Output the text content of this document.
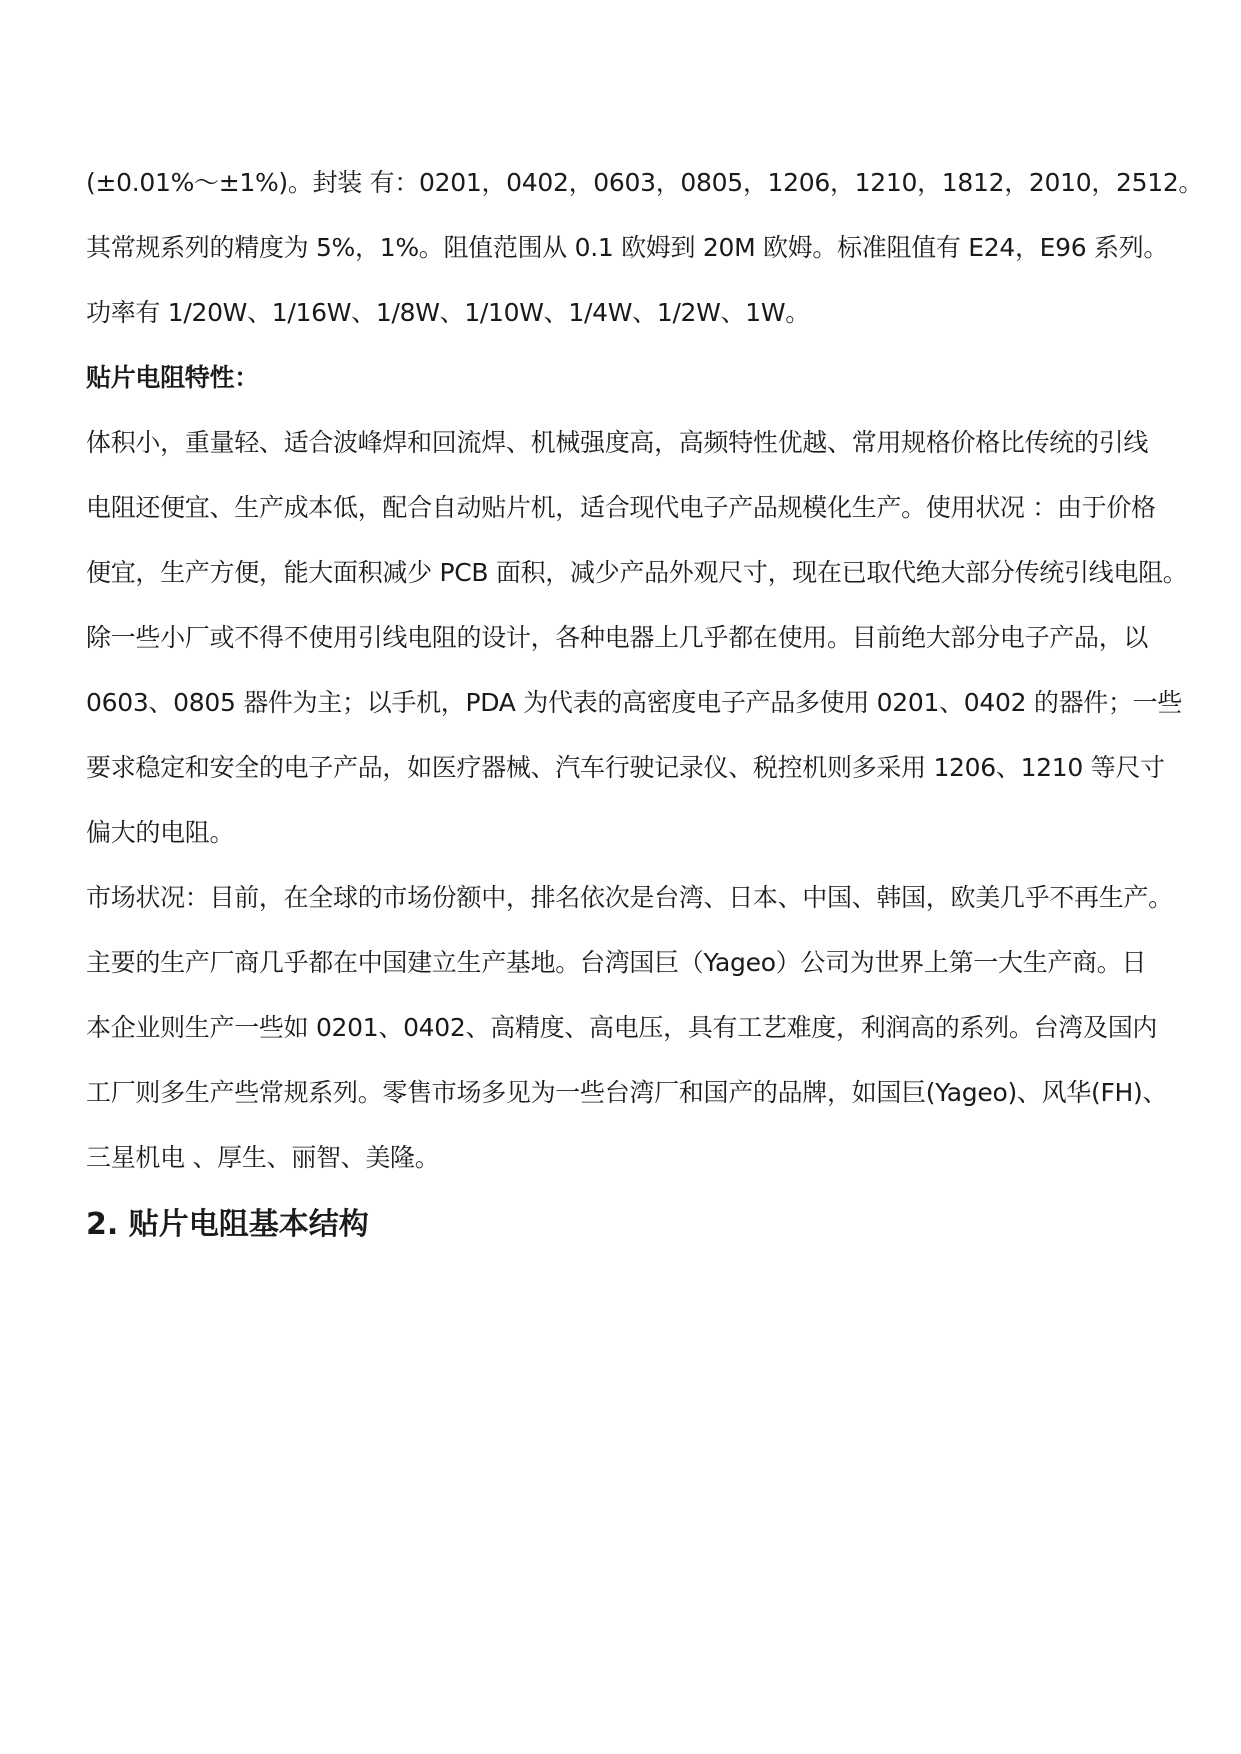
(±0.01%～±1%)。封装 有：0201，0402，0603，0805，1206，1210，1812，2010，2512。
其常规系列的精度为 5%，1%。阻值范围从 0.1 欧姆到 20M 欧姆。标准阻值有 E24，E96 系列。
功率有 1/20W、1/16W、1/8W、1/10W、1/4W、1/2W、1W。
贴片电阻特性：
体积小，重量轻、适合波峰焊和回流焊、机械强度高，高频特性优越、常用规格价格比传统的引线
电阻还便宜、生产成本低，配合自动贴片机，适合现代电子产品规模化生产。使用状况 ：由于价格
便宜，生产方便，能大面积减少 PCB 面积，减少产品外观尺寸，现在已取代绝大部分传统引线电阻。
除一些小厂或不得不使用引线电阻的设计，各种电器上几乎都在使用。目前绝大部分电子产品，以
0603、0805 器件为主；以手机，PDA 为代表的高密度电子产品多使用 0201、0402 的器件；一些
要求稳定和安全的电子产品，如医疗器械、汽车行驶记录仪、税控机则多采用 1206、1210 等尺寸
偏大的电阻。
市场状况：目前，在全球的市场份额中，排名依次是台湾、日本、中国、韩国，欧美几乎不再生产。
主要的生产厂商几乎都在中国建立生产基地。台湾国巨（Yageo）公司为世界上第一大生产商。日
本企业则生产一些如 0201、0402、高精度、高电压，具有工艺难度，利润高的系列。台湾及国内
工厂则多生产些常规系列。零售市场多见为一些台湾厂和国产的品牌，如国巨(Yageo)、风华(FH)、
三星机电 、厚生、丽智、美隆。
2. 贴片电阻基本结构
